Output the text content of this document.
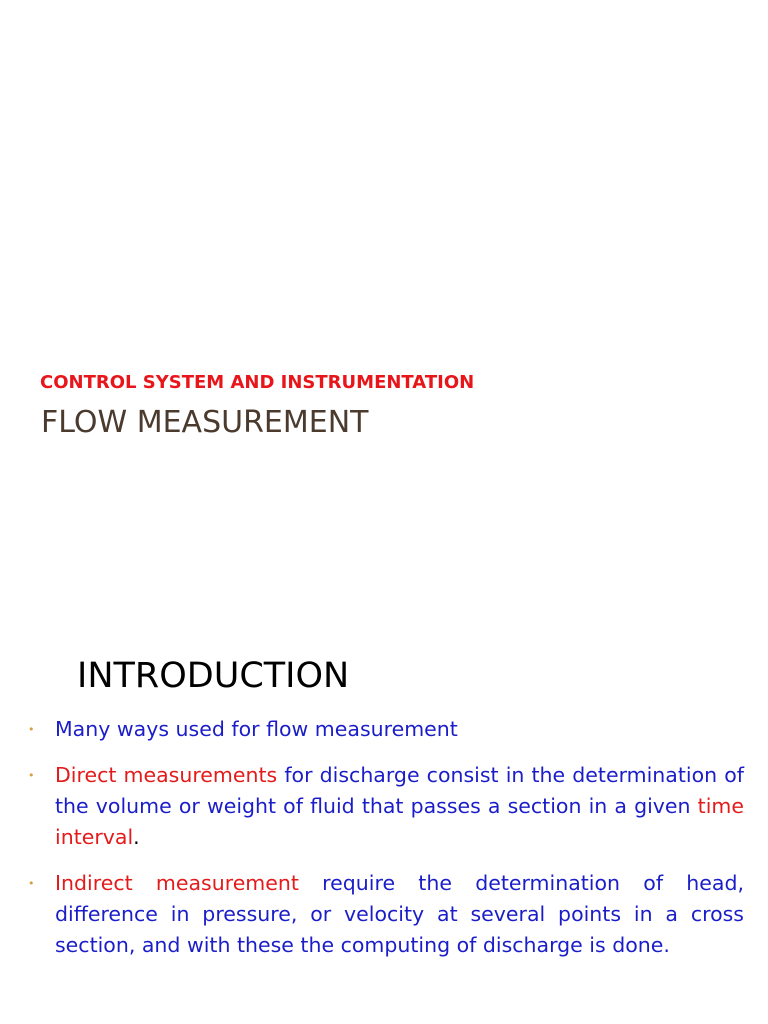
CONTROL SYSTEM AND INSTRUMENTATION

FLOW MEASUREMENT
INTRODUCTION
• Many ways used for flow measurement
• Direct measurements for discharge consist in the determination of the volume or weight of fluid that passes a section in a given time interval.
• Indirect measurement require the determination of head, difference in pressure, or velocity at several points in a cross section, and with these the computing of discharge is done.
